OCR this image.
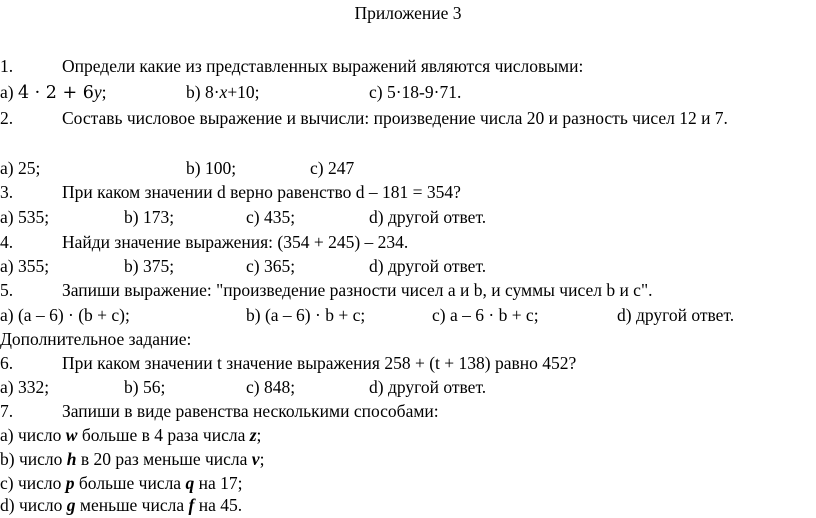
Приложение 3
1.	Определи какие из представленных выражений являются числовыми:
a) 4 · 2 + 6y;	b) 8·x+10;	c) 5·18-9·71.
2.	Составь числовое выражение и вычисли: произведение числа 20 и разность чисел 12 и 7.
a) 25;	b) 100;	c) 247
3.	При каком значении d верно равенство d – 181 = 354?
a) 535;	b) 173;	c) 435;	d) другой ответ.
4.	Найди значение выражения: (354 + 245) – 234.
a) 355;	b) 375;	c) 365;	d) другой ответ.
5.	Запиши выражение: "произведение разности чисел a и b, и суммы чисел b и c".
a) (a – 6) · (b + c);	b) (a – 6) · b + c;	c) a – 6 · b + c;	d) другой ответ.
Дополнительное задание:
6.	При каком значении t значение выражения 258 + (t + 138) равно 452?
a) 332;	b) 56;	c) 848;	d) другой ответ.
7.	Запиши в виде равенства несколькими способами:
a) число w больше в 4 раза числа z;
b) число h в 20 раз меньше числа v;
c) число p больше числа q на 17;
d) число g меньше числа f на 45.
